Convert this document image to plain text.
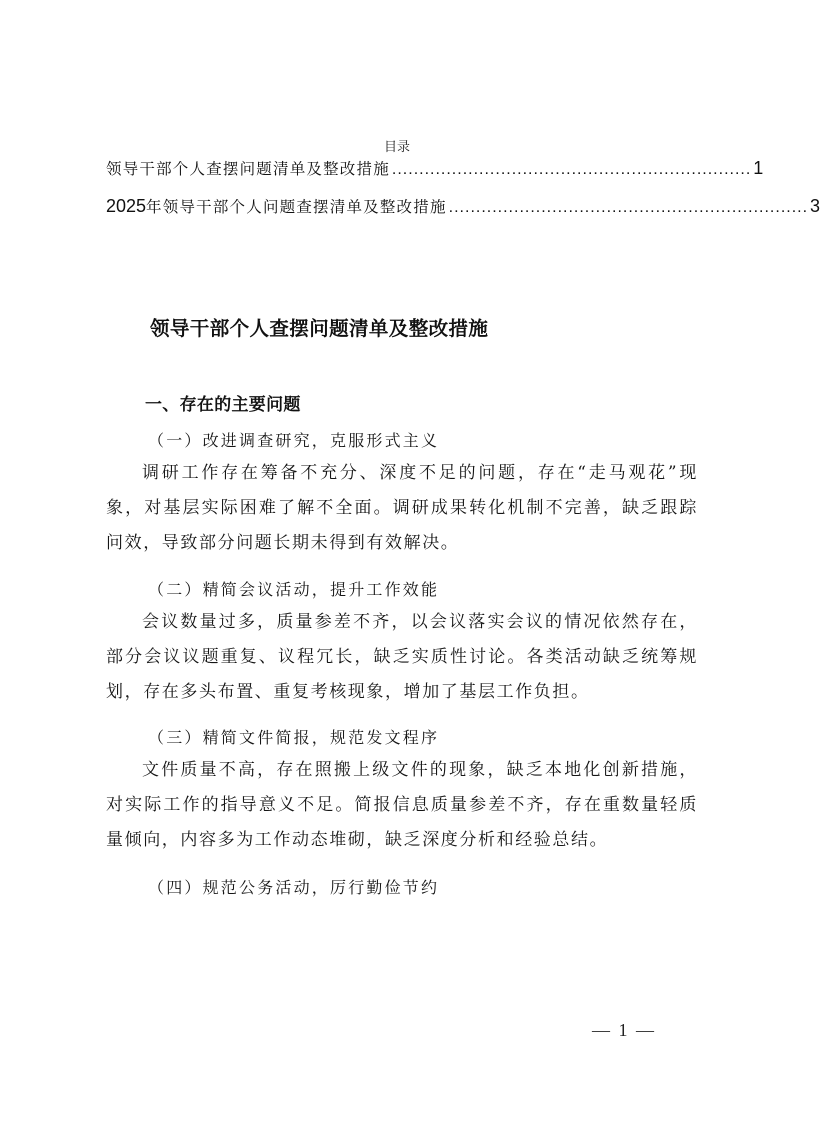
目录
领导干部个人查摆问题清单及整改措施 .................................................................. 1
2025年领导干部个人问题查摆清单及整改措施 .................................................................. 3
领导干部个人查摆问题清单及整改措施
一、存在的主要问题
（一）改进调查研究，克服形式主义
调研工作存在筹备不充分、深度不足的问题，存在“走马观花”现象，对基层实际困难了解不全面。调研成果转化机制不完善，缺乏跟踪问效，导致部分问题长期未得到有效解决。
（二）精简会议活动，提升工作效能
会议数量过多，质量参差不齐，以会议落实会议的情况依然存在，部分会议议题重复、议程冗长，缺乏实质性讨论。各类活动缺乏统筹规划，存在多头布置、重复考核现象，增加了基层工作负担。
（三）精简文件简报，规范发文程序
文件质量不高，存在照搬上级文件的现象，缺乏本地化创新措施，对实际工作的指导意义不足。简报信息质量参差不齐，存在重数量轻质量倾向，内容多为工作动态堆砌，缺乏深度分析和经验总结。
（四）规范公务活动，厉行勤俭节约
— 1 —
